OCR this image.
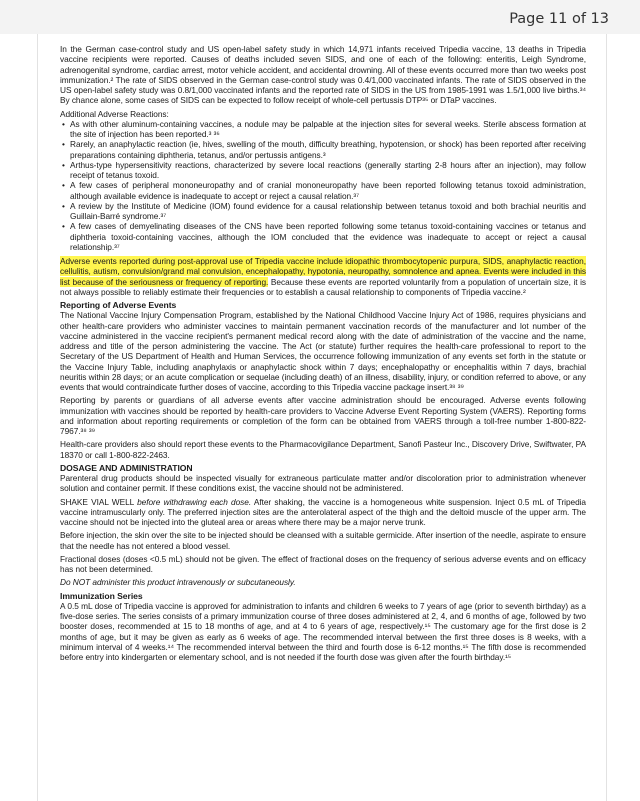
Page 11 of 13

In the German case-control study and US open-label safety study in which 14,971 infants received Tripedia vaccine, 13 deaths in Tripedia vaccine recipients were reported. Causes of deaths included seven SIDS, and one of each of the following: enteritis, Leigh Syndrome, adrenogenital syndrome, cardiac arrest, motor vehicle accident, and accidental drowning. All of these events occurred more than two weeks post immunization.² The rate of SIDS observed in the German case-control study was 0.4/1,000 vaccinated infants. The rate of SIDS observed in the US open-label safety study was 0.8/1,000 vaccinated infants and the reported rate of SIDS in the US from 1985-1991 was 1.5/1,000 live births.³⁴ By chance alone, some cases of SIDS can be expected to follow receipt of whole-cell pertussis DTP³⁵ or DTaP vaccines.

Additional Adverse Reactions:

• As with other aluminum-containing vaccines, a nodule may be palpable at the injection sites for several weeks. Sterile abscess formation at the site of injection has been reported.³ ³⁶
• Rarely, an anaphylactic reaction (ie, hives, swelling of the mouth, difficulty breathing, hypotension, or shock) has been reported after receiving preparations containing diphtheria, tetanus, and/or pertussis antigens.³
• Arthus-type hypersensitivity reactions, characterized by severe local reactions (generally starting 2-8 hours after an injection), may follow receipt of tetanus toxoid.
• A few cases of peripheral mononeuropathy and of cranial mononeuropathy have been reported following tetanus toxoid administration, although available evidence is inadequate to accept or reject a causal relation.³⁷
• A review by the Institute of Medicine (IOM) found evidence for a causal relationship between tetanus toxoid and both brachial neuritis and Guillain-Barré syndrome.³⁷
• A few cases of demyelinating diseases of the CNS have been reported following some tetanus toxoid-containing vaccines or tetanus and diphtheria toxoid-containing vaccines, although the IOM concluded that the evidence was inadequate to accept or reject a causal relationship.³⁷

Adverse events reported during post-approval use of Tripedia vaccine include idiopathic thrombocytopenic purpura, SIDS, anaphylactic reaction, cellulitis, autism, convulsion/grand mal convulsion, encephalopathy, hypotonia, neuropathy, somnolence and apnea. Events were included in this list because of the seriousness or frequency of reporting. Because these events are reported voluntarily from a population of uncertain size, it is not always possible to reliably estimate their frequencies or to establish a causal relationship to components of Tripedia vaccine.²

Reporting of Adverse Events

The National Vaccine Injury Compensation Program, established by the National Childhood Vaccine Injury Act of 1986, requires physicians and other health-care providers who administer vaccines to maintain permanent vaccination records of the manufacturer and lot number of the vaccine administered in the vaccine recipient's permanent medical record along with the date of administration of the vaccine and the name, address and title of the person administering the vaccine. The Act (or statute) further requires the health-care professional to report to the Secretary of the US Department of Health and Human Services, the occurrence following immunization of any events set forth in the statute or the Vaccine Injury Table, including anaphylaxis or anaphylactic shock within 7 days; encephalopathy or encephalitis within 7 days, brachial neuritis within 28 days; or an acute complication or sequelae (including death) of an illness, disability, injury, or condition referred to above, or any events that would contraindicate further doses of vaccine, according to this Tripedia vaccine package insert.³⁸ ³⁹

Reporting by parents or guardians of all adverse events after vaccine administration should be encouraged. Adverse events following immunization with vaccines should be reported by health-care providers to Vaccine Adverse Event Reporting System (VAERS). Reporting forms and information about reporting requirements or completion of the form can be obtained from VAERS through a toll-free number 1-800-822-7967.³⁸ ³⁹

Health-care providers also should report these events to the Pharmacovigilance Department, Sanofi Pasteur Inc., Discovery Drive, Swiftwater, PA 18370 or call 1-800-822-2463.

DOSAGE AND ADMINISTRATION

Parenteral drug products should be inspected visually for extraneous particulate matter and/or discoloration prior to administration whenever solution and container permit. If these conditions exist, the vaccine should not be administered.

SHAKE VIAL WELL before withdrawing each dose. After shaking, the vaccine is a homogeneous white suspension. Inject 0.5 mL of Tripedia vaccine intramuscularly only. The preferred injection sites are the anterolateral aspect of the thigh and the deltoid muscle of the upper arm. The vaccine should not be injected into the gluteal area or areas where there may be a major nerve trunk.

Before injection, the skin over the site to be injected should be cleansed with a suitable germicide. After insertion of the needle, aspirate to ensure that the needle has not entered a blood vessel.

Fractional doses (doses <0.5 mL) should not be given. The effect of fractional doses on the frequency of serious adverse events and on efficacy has not been determined.

Do NOT administer this product intravenously or subcutaneously.

Immunization Series

A 0.5 mL dose of Tripedia vaccine is approved for administration to infants and children 6 weeks to 7 years of age (prior to seventh birthday) as a five-dose series. The series consists of a primary immunization course of three doses administered at 2, 4, and 6 months of age, followed by two booster doses, recommended at 15 to 18 months of age, and at 4 to 6 years of age, respectively.¹⁵ The customary age for the first dose is 2 months of age, but it may be given as early as 6 weeks of age. The recommended interval between the first three doses is 8 weeks, with a minimum interval of 4 weeks.¹⁴ The recommended interval between the third and fourth dose is 6-12 months.¹⁵ The fifth dose is recommended before entry into kindergarten or elementary school, and is not needed if the fourth dose was given after the fourth birthday.¹⁵
